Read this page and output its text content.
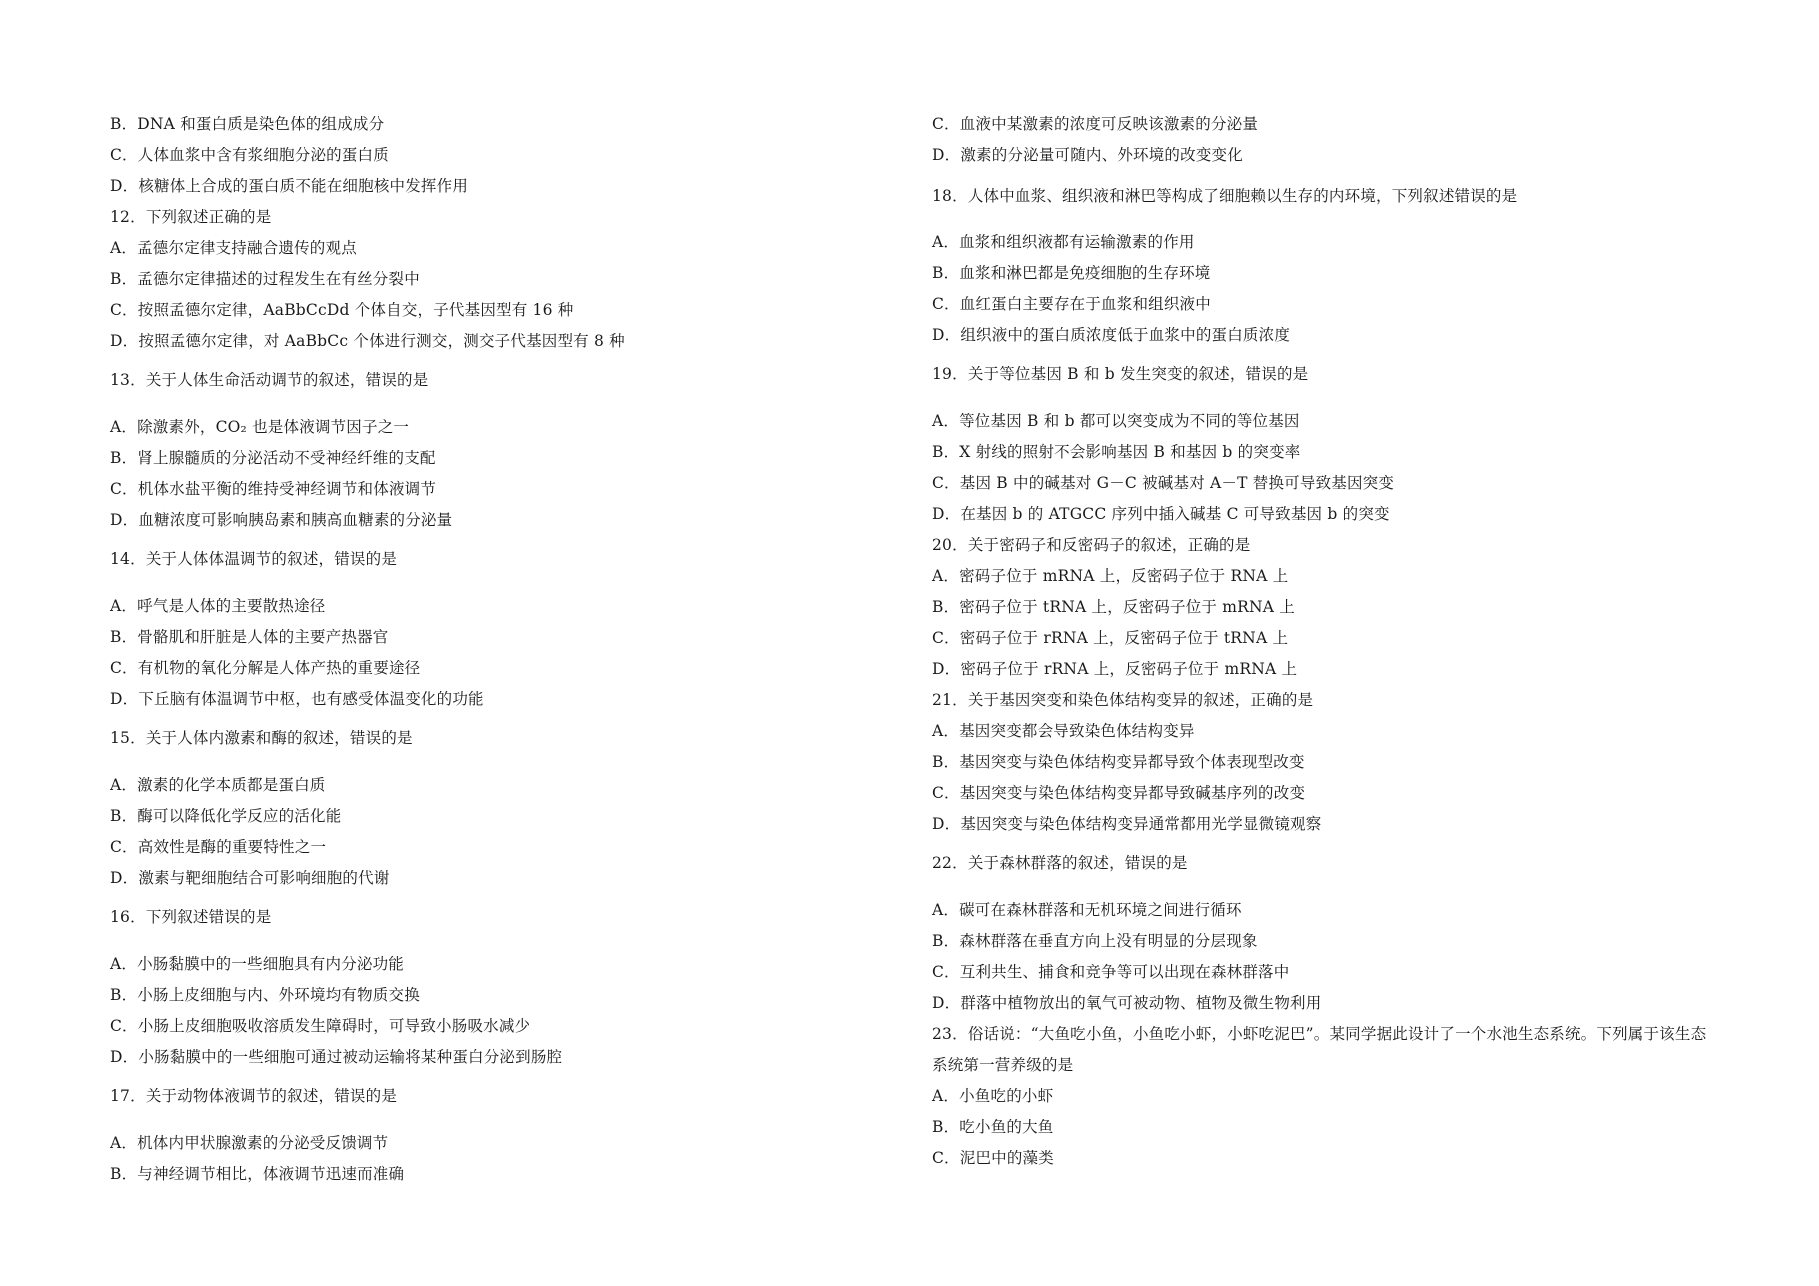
B．DNA 和蛋白质是染色体的组成成分
C．人体血浆中含有浆细胞分泌的蛋白质
D．核糖体上合成的蛋白质不能在细胞核中发挥作用
12．下列叙述正确的是
A．孟德尔定律支持融合遗传的观点
B．孟德尔定律描述的过程发生在有丝分裂中
C．按照孟德尔定律，AaBbCcDd 个体自交，子代基因型有 16 种
D．按照孟德尔定律，对 AaBbCc 个体进行测交，测交子代基因型有 8 种
13．关于人体生命活动调节的叙述，错误的是
A．除激素外，CO₂ 也是体液调节因子之一
B．肾上腺髓质的分泌活动不受神经纤维的支配
C．机体水盐平衡的维持受神经调节和体液调节
D．血糖浓度可影响胰岛素和胰高血糖素的分泌量
14．关于人体体温调节的叙述，错误的是
A．呼气是人体的主要散热途径
B．骨骼肌和肝脏是人体的主要产热器官
C．有机物的氧化分解是人体产热的重要途径
D．下丘脑有体温调节中枢，也有感受体温变化的功能
15．关于人体内激素和酶的叙述，错误的是
A．激素的化学本质都是蛋白质
B．酶可以降低化学反应的活化能
C．高效性是酶的重要特性之一
D．激素与靶细胞结合可影响细胞的代谢
16．下列叙述错误的是
A．小肠黏膜中的一些细胞具有内分泌功能
B．小肠上皮细胞与内、外环境均有物质交换
C．小肠上皮细胞吸收溶质发生障碍时，可导致小肠吸水减少
D．小肠黏膜中的一些细胞可通过被动运输将某种蛋白分泌到肠腔
17．关于动物体液调节的叙述，错误的是
A．机体内甲状腺激素的分泌受反馈调节
B．与神经调节相比，体液调节迅速而准确
C．血液中某激素的浓度可反映该激素的分泌量
D．激素的分泌量可随内、外环境的改变变化
18．人体中血浆、组织液和淋巴等构成了细胞赖以生存的内环境，下列叙述错误的是
A．血浆和组织液都有运输激素的作用
B．血浆和淋巴都是免疫细胞的生存环境
C．血红蛋白主要存在于血浆和组织液中
D．组织液中的蛋白质浓度低于血浆中的蛋白质浓度
19．关于等位基因 B 和 b 发生突变的叙述，错误的是
A．等位基因 B 和 b 都可以突变成为不同的等位基因
B．X 射线的照射不会影响基因 B 和基因 b 的突变率
C．基因 B 中的碱基对 G－C 被碱基对 A－T 替换可导致基因突变
D．在基因 b 的 ATGCC 序列中插入碱基 C 可导致基因 b 的突变
20．关于密码子和反密码子的叙述，正确的是
A．密码子位于 mRNA 上，反密码子位于 RNA 上
B．密码子位于 tRNA 上，反密码子位于 mRNA 上
C．密码子位于 rRNA 上，反密码子位于 tRNA 上
D．密码子位于 rRNA 上，反密码子位于 mRNA 上
21．关于基因突变和染色体结构变异的叙述，正确的是
A．基因突变都会导致染色体结构变异
B．基因突变与染色体结构变异都导致个体表现型改变
C．基因突变与染色体结构变异都导致碱基序列的改变
D．基因突变与染色体结构变异通常都用光学显微镜观察
22．关于森林群落的叙述，错误的是
A．碳可在森林群落和无机环境之间进行循环
B．森林群落在垂直方向上没有明显的分层现象
C．互利共生、捕食和竞争等可以出现在森林群落中
D．群落中植物放出的氧气可被动物、植物及微生物利用
23．俗话说：“大鱼吃小鱼，小鱼吃小虾，小虾吃泥巴”。某同学据此设计了一个水池生态系统。下列属于该生态
系统第一营养级的是
A．小鱼吃的小虾
B．吃小鱼的大鱼
C．泥巴中的藻类
